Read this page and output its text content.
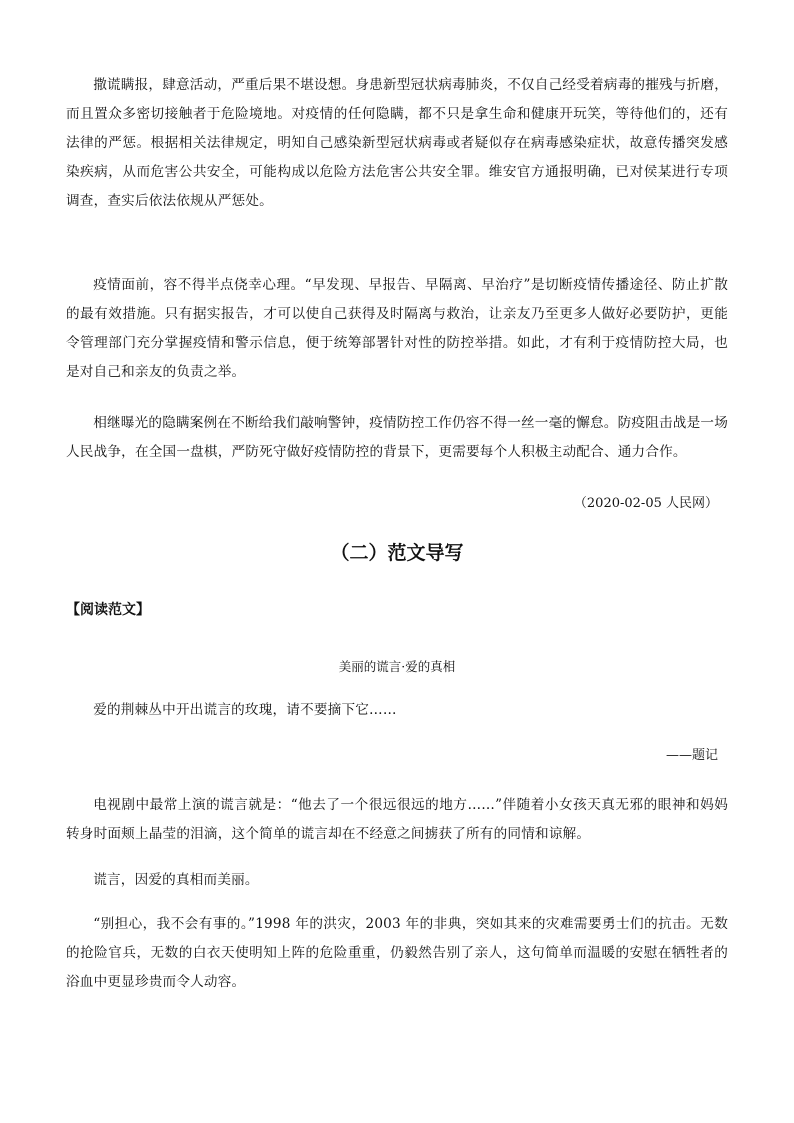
撒谎瞒报，肆意活动，严重后果不堪设想。身患新型冠状病毒肺炎，不仅自己经受着病毒的摧残与折磨，而且置众多密切接触者于危险境地。对疫情的任何隐瞒，都不只是拿生命和健康开玩笑，等待他们的，还有法律的严惩。根据相关法律规定，明知自己感染新型冠状病毒或者疑似存在病毒感染症状，故意传播突发感染疾病，从而危害公共安全，可能构成以危险方法危害公共安全罪。维安官方通报明确，已对侯某进行专项调查，查实后依法依规从严惩处。

疫情面前，容不得半点侥幸心理。“早发现、早报告、早隔离、早治疗”是切断疫情传播途径、防止扩散的最有效措施。只有据实报告，才可以使自己获得及时隔离与救治，让亲友乃至更多人做好必要防护，更能令管理部门充分掌握疫情和警示信息，便于统筹部署针对性的防控举措。如此，才有利于疫情防控大局，也是对自己和亲友的负责之举。

相继曝光的隐瞒案例在不断给我们敲响警钟，疫情防控工作仍容不得一丝一毫的懈怠。防疫阻击战是一场人民战争，在全国一盘棋，严防死守做好疫情防控的背景下，更需要每个人积极主动配合、通力合作。

（2020-02-05 人民网）
（二）范文导写
【阅读范文】
美丽的谎言·爱的真相

爱的荆棘丛中开出谎言的玫瑰，请不要摘下它……

——题记

电视剧中最常上演的谎言就是：“他去了一个很远很远的地方……”伴随着小女孩天真无邪的眼神和妈妈转身时面颊上晶莹的泪滴，这个简单的谎言却在不经意之间掳获了所有的同情和谅解。

谎言，因爱的真相而美丽。

“别担心，我不会有事的。”1998 年的洪灾，2003 年的非典，突如其来的灾难需要勇士们的抗击。无数的抢险官兵，无数的白衣天使明知上阵的危险重重，仍毅然告别了亲人，这句简单而温暖的安慰在牺牲者的浴血中更显珍贵而令人动容。
